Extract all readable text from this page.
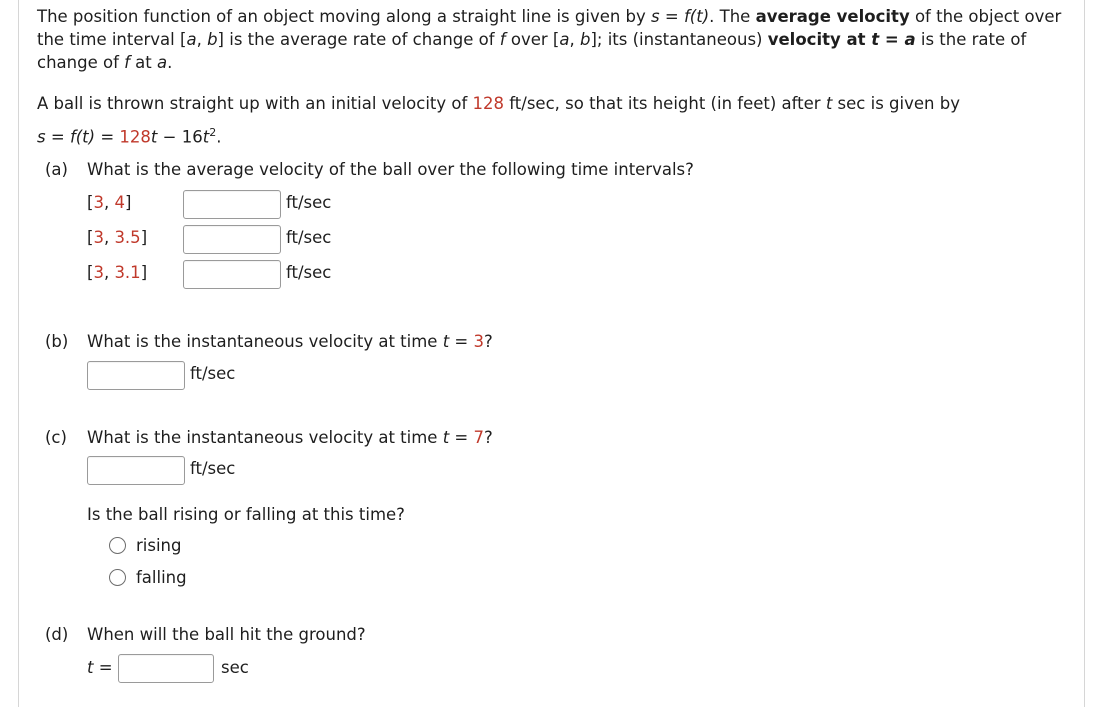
The position function of an object moving along a straight line is given by s = f(t). The average velocity of the object over the time interval [a, b] is the average rate of change of f over [a, b]; its (instantaneous) velocity at t = a is the rate of change of f at a.
A ball is thrown straight up with an initial velocity of 128 ft/sec, so that its height (in feet) after t sec is given by
$s = f(t) = 128t - 16t^2$.
(a) What is the average velocity of the ball over the following time intervals?
[3, 4]	ft/sec
[3, 3.5]	ft/sec
[3, 3.1]	ft/sec
(b) What is the instantaneous velocity at time t = 3?
ft/sec
(c) What is the instantaneous velocity at time t = 7?
ft/sec
Is the ball rising or falling at this time?
rising
falling
(d) When will the ball hit the ground?
t =	sec
